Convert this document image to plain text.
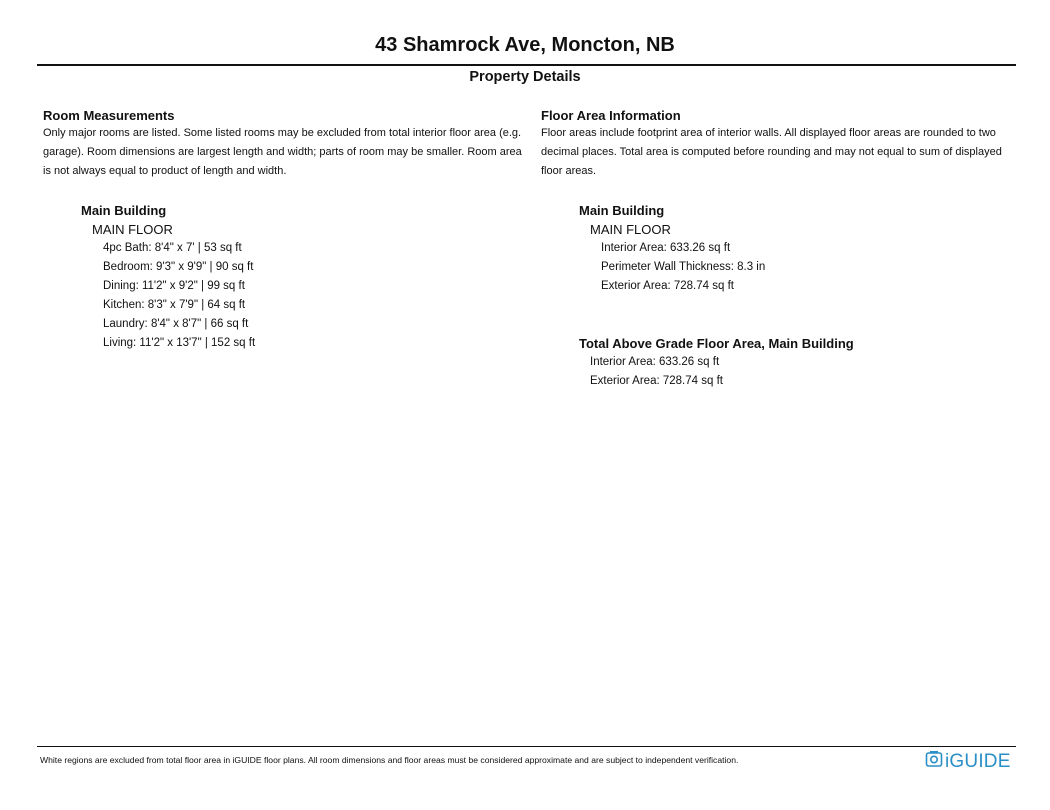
43 Shamrock Ave, Moncton, NB
Property Details
Room Measurements

Only major rooms are listed. Some listed rooms may be excluded from total interior floor area (e.g. garage). Room dimensions are largest length and width; parts of room may be smaller. Room area is not always equal to product of length and width.

Main Building
MAIN FLOOR
4pc Bath: 8'4" x 7' | 53 sq ft
Bedroom: 9'3" x 9'9" | 90 sq ft
Dining: 11'2" x 9'2" | 99 sq ft
Kitchen: 8'3" x 7'9" | 64 sq ft
Laundry: 8'4" x 8'7" | 66 sq ft
Living: 11'2" x 13'7" | 152 sq ft
Floor Area Information

Floor areas include footprint area of interior walls. All displayed floor areas are rounded to two decimal places. Total area is computed before rounding and may not equal to sum of displayed floor areas.

Main Building
MAIN FLOOR
Interior Area: 633.26 sq ft
Perimeter Wall Thickness: 8.3 in
Exterior Area: 728.74 sq ft
Total Above Grade Floor Area, Main Building
Interior Area: 633.26 sq ft
Exterior Area: 728.74 sq ft
White regions are excluded from total floor area in iGUIDE floor plans. All room dimensions and floor areas must be considered approximate and are subject to independent verification.	iGUIDE
